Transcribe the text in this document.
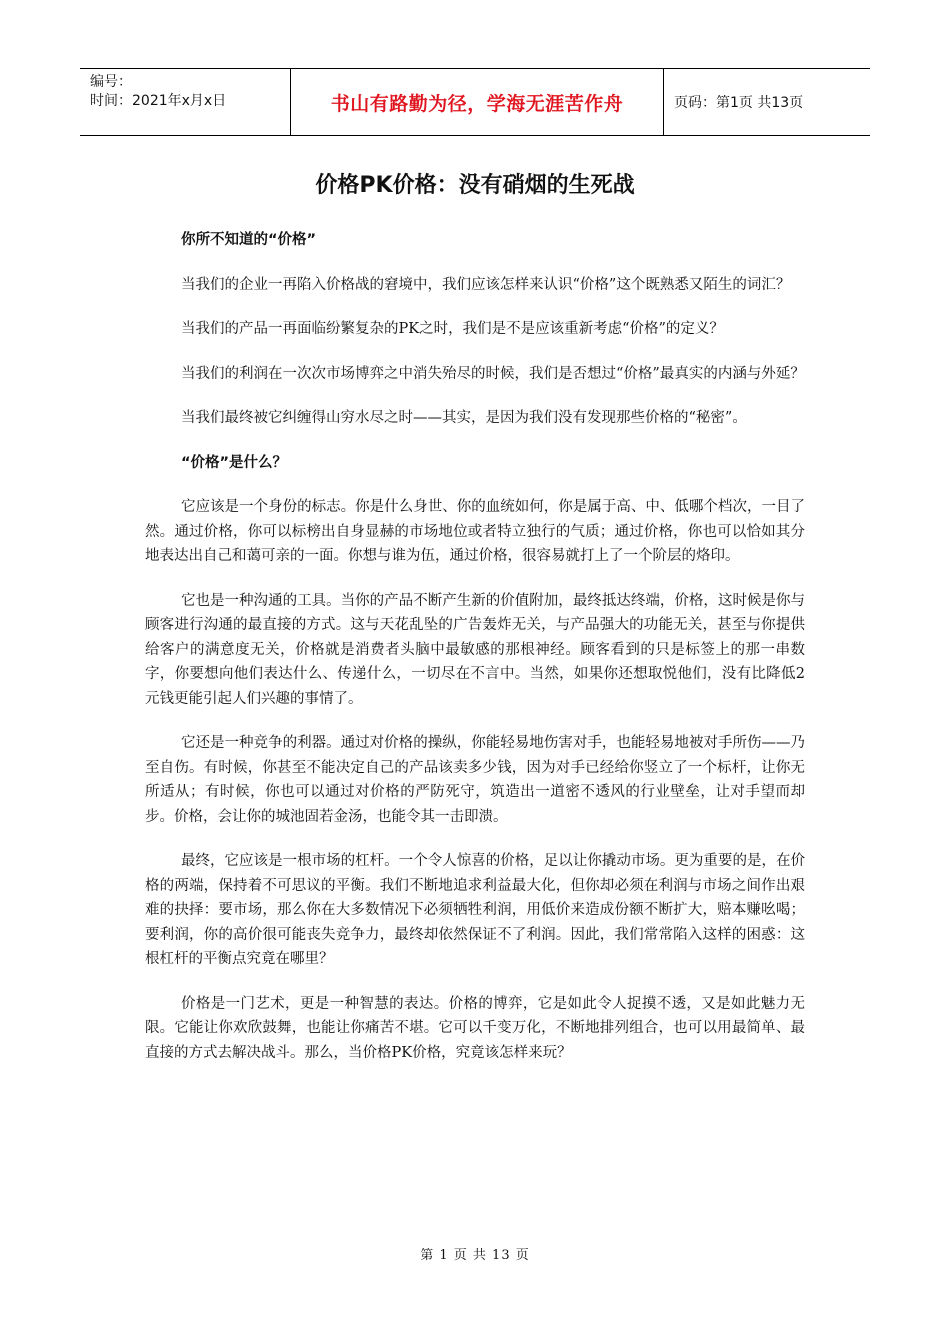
编号：
时间：2021年x月x日	书山有路勤为径，学海无涯苦作舟	页码：第1页 共13页
价格PK价格：没有硝烟的生死战

你所不知道的“价格”

当我们的企业一再陷入价格战的窘境中，我们应该怎样来认识“价格”这个既熟悉又陌生的词汇？

当我们的产品一再面临纷繁复杂的PK之时，我们是不是应该重新考虑“价格”的定义？

当我们的利润在一次次市场博弈之中消失殆尽的时候，我们是否想过“价格”最真实的内涵与外延？

当我们最终被它纠缠得山穷水尽之时——其实，是因为我们没有发现那些价格的“秘密”。

“价格”是什么？

它应该是一个身份的标志。你是什么身世、你的血统如何，你是属于高、中、低哪个档次，一目了然。通过价格，你可以标榜出自身显赫的市场地位或者特立独行的气质；通过价格，你也可以恰如其分地表达出自己和蔼可亲的一面。你想与谁为伍，通过价格，很容易就打上了一个阶层的烙印。

它也是一种沟通的工具。当你的产品不断产生新的价值附加，最终抵达终端，价格，这时候是你与顾客进行沟通的最直接的方式。这与天花乱坠的广告轰炸无关，与产品强大的功能无关，甚至与你提供给客户的满意度无关，价格就是消费者头脑中最敏感的那根神经。顾客看到的只是标签上的那一串数字，你要想向他们表达什么、传递什么，一切尽在不言中。当然，如果你还想取悦他们，没有比降低2元钱更能引起人们兴趣的事情了。

它还是一种竞争的利器。通过对价格的操纵，你能轻易地伤害对手，也能轻易地被对手所伤——乃至自伤。有时候，你甚至不能决定自己的产品该卖多少钱，因为对手已经给你竖立了一个标杆，让你无所适从；有时候，你也可以通过对价格的严防死守，筑造出一道密不透风的行业壁垒，让对手望而却步。价格，会让你的城池固若金汤，也能令其一击即溃。

最终，它应该是一根市场的杠杆。一个令人惊喜的价格，足以让你撬动市场。更为重要的是，在价格的两端，保持着不可思议的平衡。我们不断地追求利益最大化，但你却必须在利润与市场之间作出艰难的抉择：要市场，那么你在大多数情况下必须牺牲利润，用低价来造成份额不断扩大，赔本赚吆喝；要利润，你的高价很可能丧失竞争力，最终却依然保证不了利润。因此，我们常常陷入这样的困惑：这根杠杆的平衡点究竟在哪里？

价格是一门艺术，更是一种智慧的表达。价格的博弈，它是如此令人捉摸不透，又是如此魅力无限。它能让你欢欣鼓舞，也能让你痛苦不堪。它可以千变万化，不断地排列组合，也可以用最简单、最直接的方式去解决战斗。那么，当价格PK价格，究竟该怎样来玩？

第 1 页 共 13 页
